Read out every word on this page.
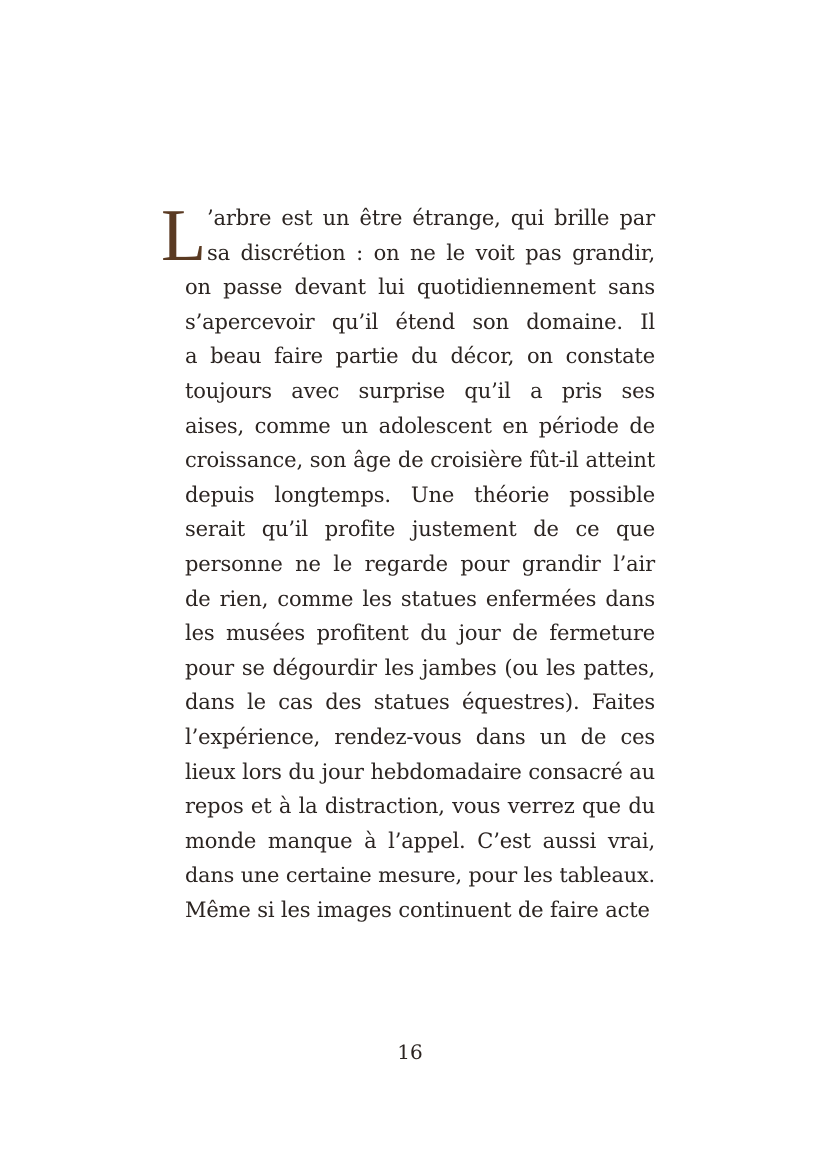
L ’arbre est un être étrange, qui brille par
sa discrétion : on ne le voit pas grandir,
on passe devant lui quotidiennement sans
s’apercevoir qu’il étend son domaine. Il
a beau faire partie du décor, on constate
toujours avec surprise qu’il a pris ses
aises, comme un adolescent en période de
croissance, son âge de croisière fût-il atteint
depuis longtemps. Une théorie possible
serait qu’il profite justement de ce que
personne ne le regarde pour grandir l’air
de rien, comme les statues enfermées dans
les musées profitent du jour de fermeture
pour se dégourdir les jambes (ou les pattes,
dans le cas des statues équestres). Faites
l’expérience, rendez-vous dans un de ces
lieux lors du jour hebdomadaire consacré au
repos et à la distraction, vous verrez que du
monde manque à l’appel. C’est aussi vrai,
dans une certaine mesure, pour les tableaux.
Même si les images continuent de faire acte
16
